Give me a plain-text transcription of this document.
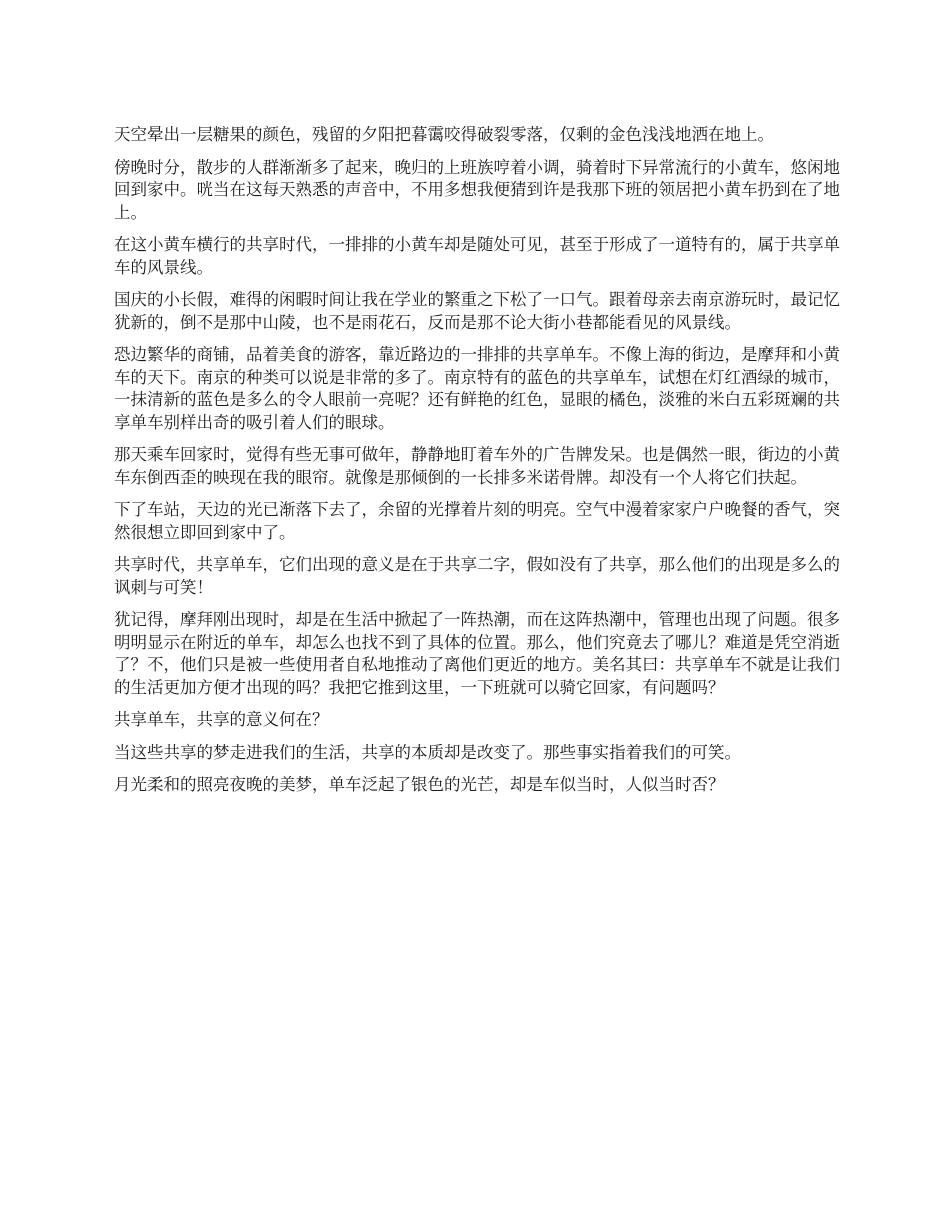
天空晕出一层糖果的颜色，残留的夕阳把暮霭咬得破裂零落，仅剩的金色浅浅地洒在地上。

傍晚时分，散步的人群渐渐多了起来，晚归的上班族哼着小调，骑着时下异常流行的小黄车，悠闲地回到家中。咣当在这每天熟悉的声音中，不用多想我便猜到许是我那下班的领居把小黄车扔到在了地上。

在这小黄车横行的共享时代，一排排的小黄车却是随处可见，甚至于形成了一道特有的，属于共享单车的风景线。

国庆的小长假，难得的闲暇时间让我在学业的繁重之下松了一口气。跟着母亲去南京游玩时，最记忆犹新的，倒不是那中山陵，也不是雨花石，反而是那不论大街小巷都能看见的风景线。

恐边繁华的商铺，品着美食的游客，靠近路边的一排排的共享单车。不像上海的街边，是摩拜和小黄车的天下。南京的种类可以说是非常的多了。南京特有的蓝色的共享单车，试想在灯红酒绿的城市，一抹清新的蓝色是多么的令人眼前一亮呢？还有鲜艳的红色，显眼的橘色，淡雅的米白五彩斑斓的共享单车别样出奇的吸引着人们的眼球。

那天乘车回家时，觉得有些无事可做年，静静地盯着车外的广告牌发呆。也是偶然一眼，街边的小黄车东倒西歪的映现在我的眼帘。就像是那倾倒的一长排多米诺骨牌。却没有一个人将它们扶起。

下了车站，天边的光已渐落下去了，余留的光撑着片刻的明亮。空气中漫着家家户户晚餐的香气，突然很想立即回到家中了。

共享时代，共享单车，它们出现的意义是在于共享二字，假如没有了共享，那么他们的出现是多么的讽刺与可笑！

犹记得，摩拜刚出现时，却是在生活中掀起了一阵热潮，而在这阵热潮中，管理也出现了问题。很多明明显示在附近的单车，却怎么也找不到了具体的位置。那么，他们究竟去了哪儿？难道是凭空消逝了？不，他们只是被一些使用者自私地推动了离他们更近的地方。美名其曰：共享单车不就是让我们的生活更加方便才出现的吗？我把它推到这里，一下班就可以骑它回家，有问题吗？

共享单车，共享的意义何在？

当这些共享的梦走进我们的生活，共享的本质却是改变了。那些事实指着我们的可笑。

月光柔和的照亮夜晚的美梦，单车泛起了银色的光芒，却是车似当时，人似当时否？
